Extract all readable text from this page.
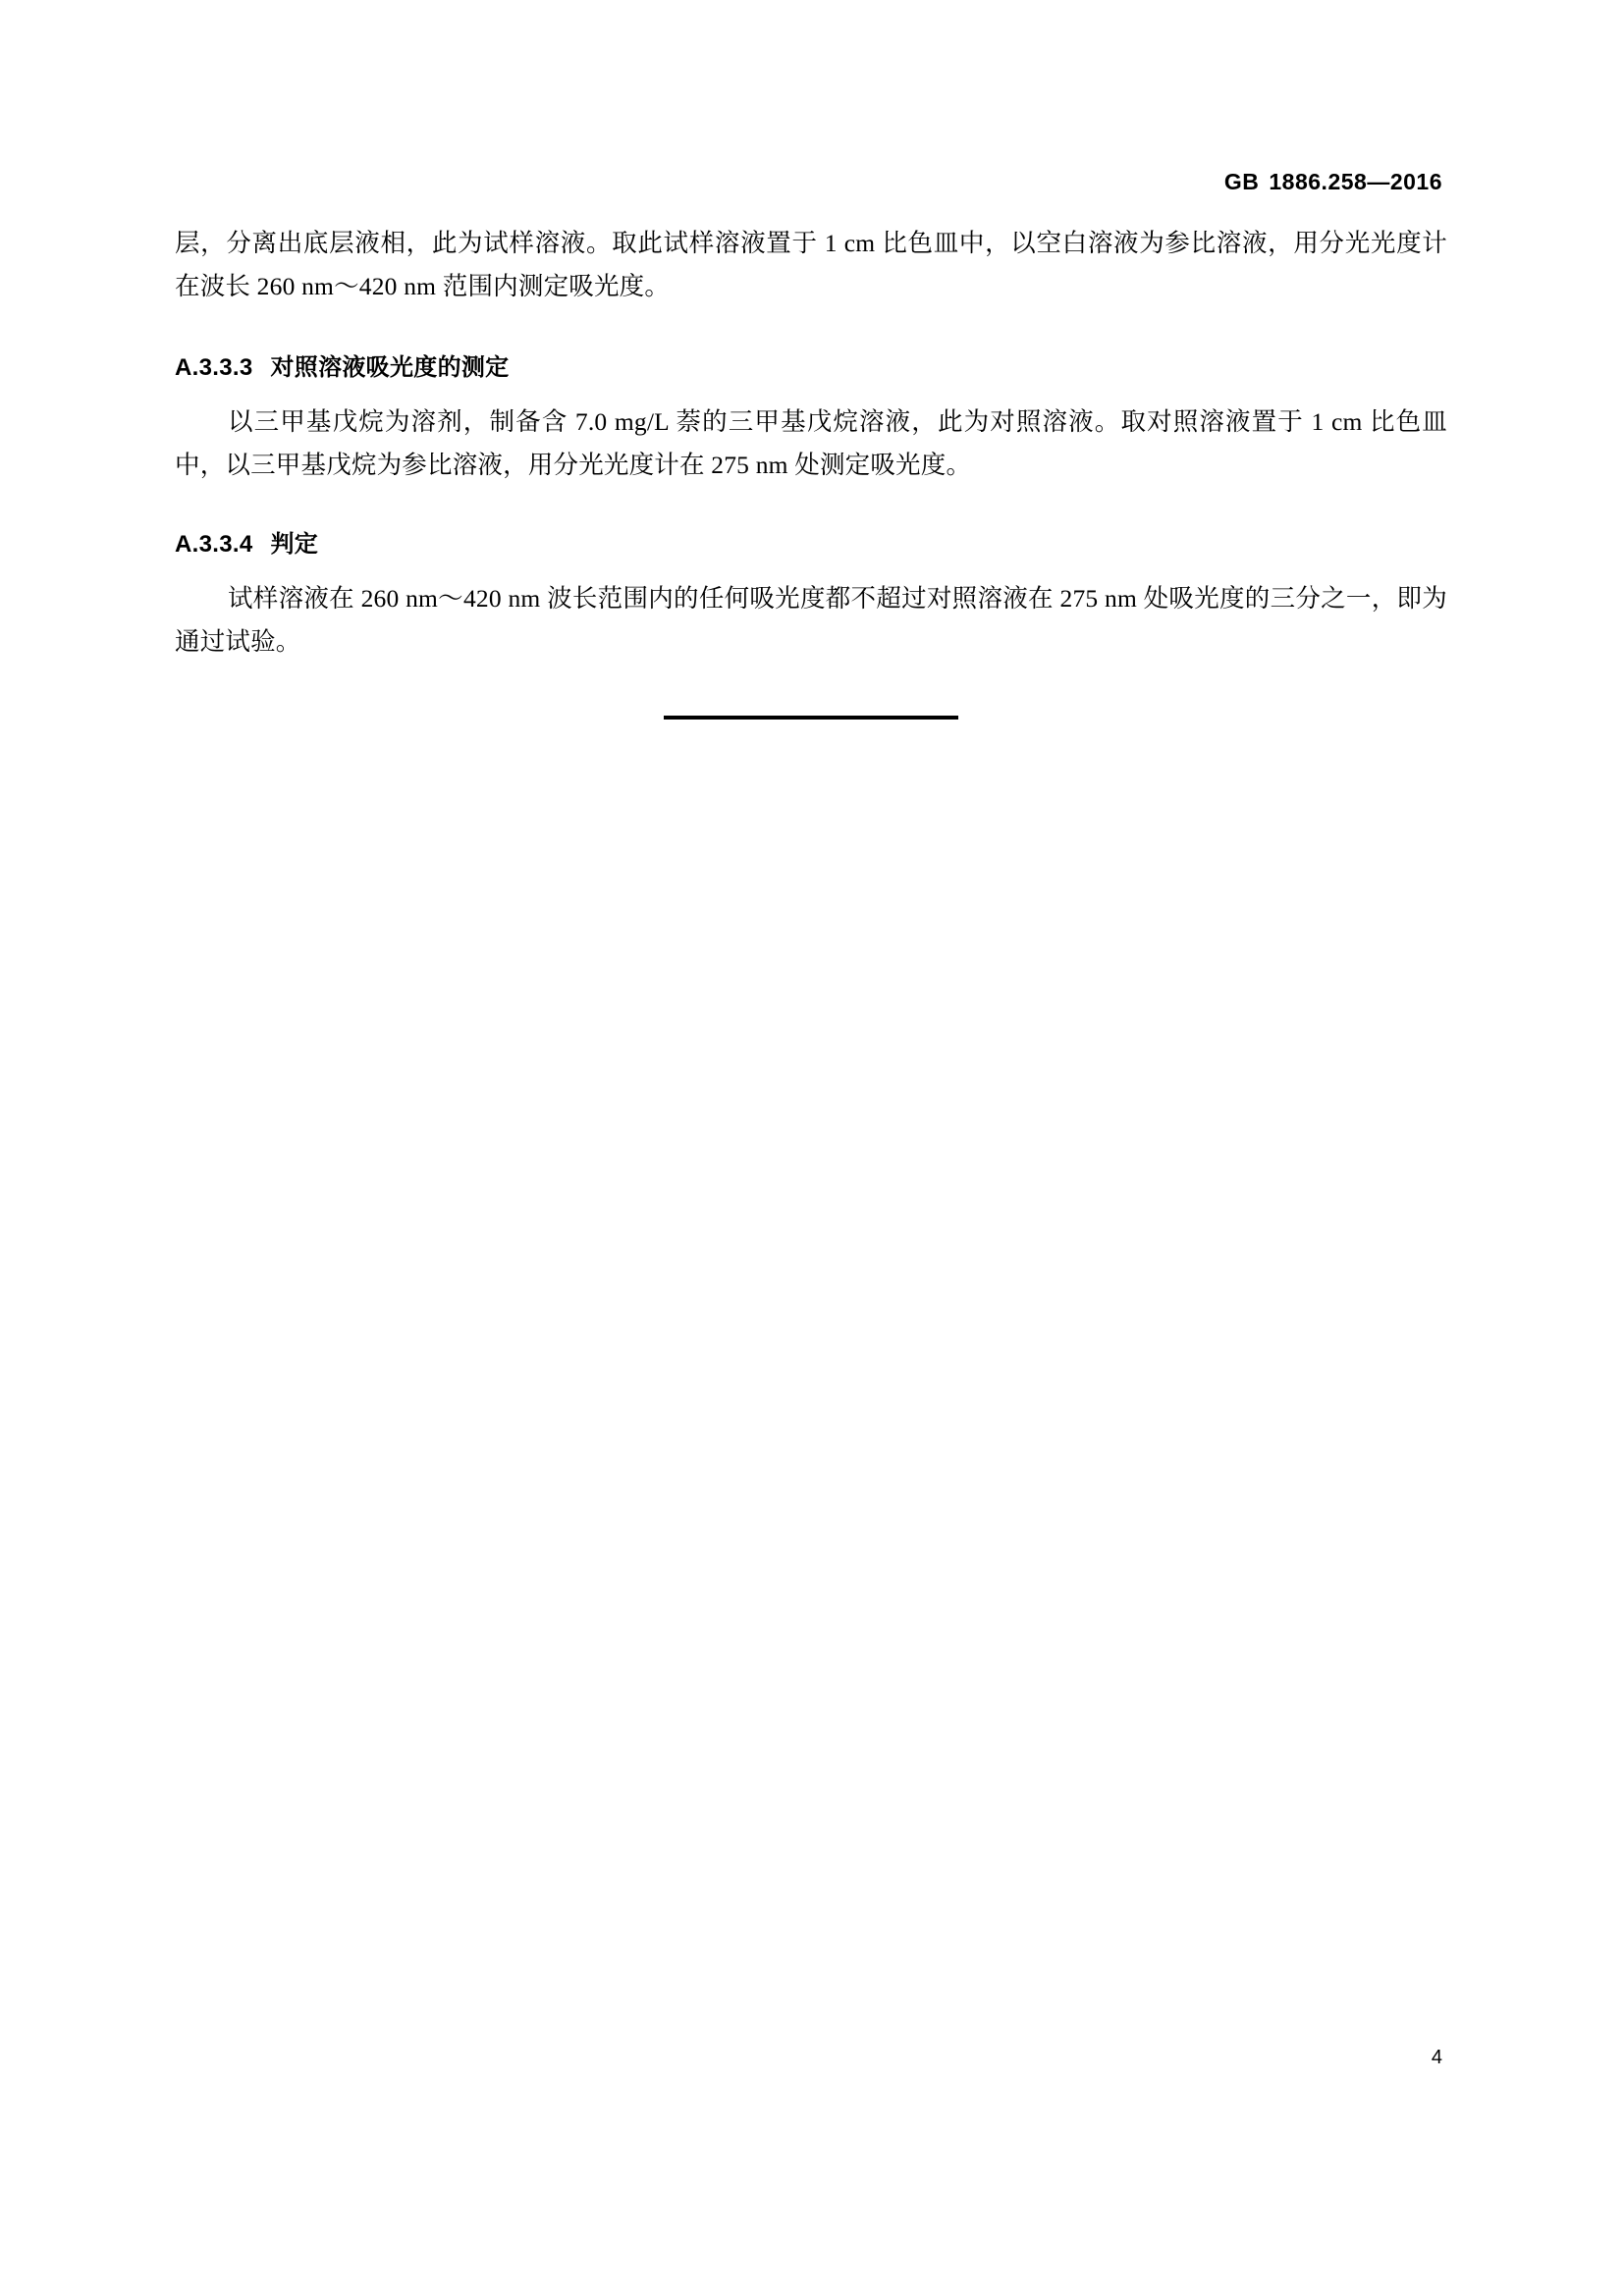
GB 1886.258—2016

层，分离出底层液相，此为试样溶液。取此试样溶液置于 1 cm 比色皿中，以空白溶液为参比溶液，用分光光度计在波长 260 nm～420 nm 范围内测定吸光度。

A.3.3.3 对照溶液吸光度的测定

以三甲基戊烷为溶剂，制备含 7.0 mg/L 萘的三甲基戊烷溶液，此为对照溶液。取对照溶液置于 1 cm 比色皿中，以三甲基戊烷为参比溶液，用分光光度计在 275 nm 处测定吸光度。

A.3.3.4 判定

试样溶液在 260 nm～420 nm 波长范围内的任何吸光度都不超过对照溶液在 275 nm 处吸光度的三分之一，即为通过试验。

4
